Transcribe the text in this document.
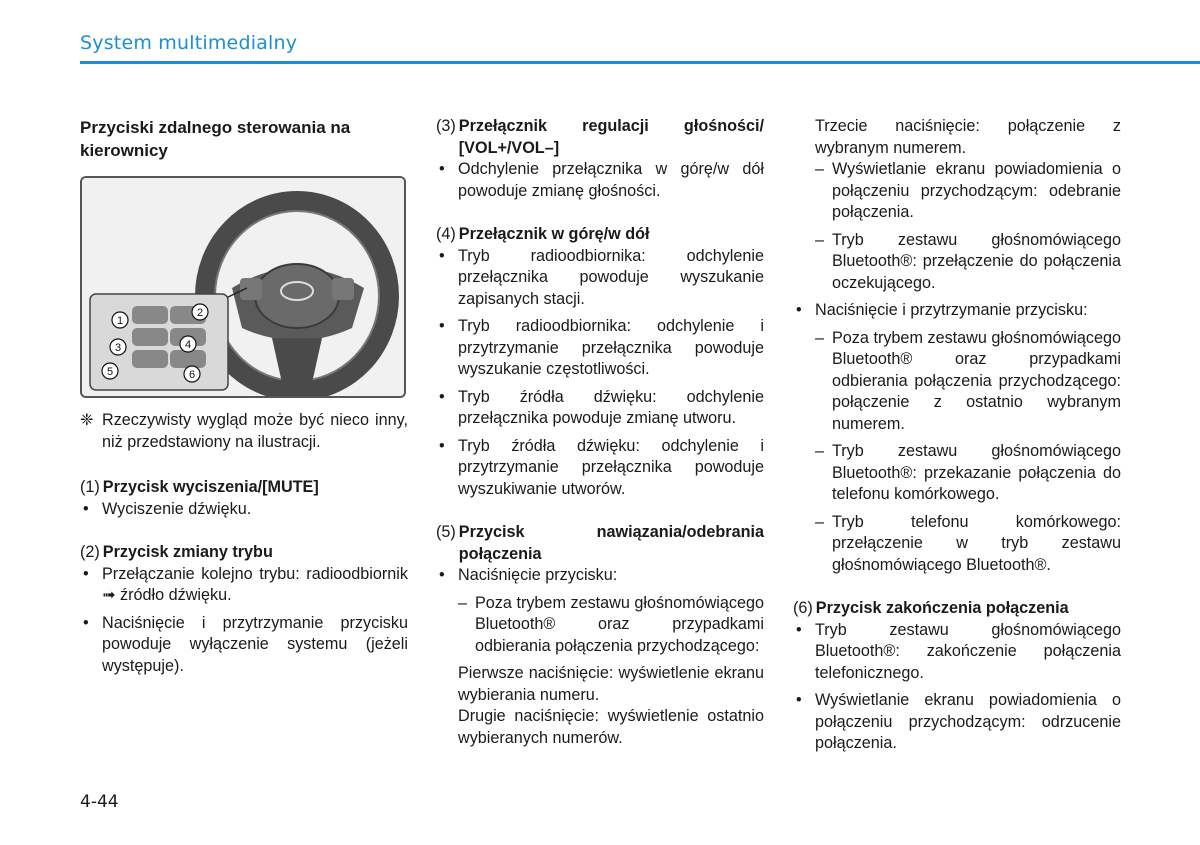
System multimedialny

Przyciski zdalnego sterowania na kierownicy

1
2
3	4
5	6

❈ Rzeczywisty wygląd może być nieco inny, niż przedstawiony na ilustracji.

(1) Przycisk wyciszenia/[MUTE]

• Wyciszenie dźwięku.

(2) Przycisk zmiany trybu

• Przełączanie kolejno trybu: radioodbiornik ➟ źródło dźwięku.
• Naciśnięcie i przytrzymanie przycisku powoduje wyłączenie systemu (jeżeli występuje).

(3) Przełącznik regulacji głośności/ [VOL+/VOL–]

• Odchylenie przełącznika w górę/w dół powoduje zmianę głośności.

(4) Przełącznik w górę/w dół

• Tryb radioodbiornika: odchylenie przełącznika powoduje wyszukanie zapisanych stacji.
• Tryb radioodbiornika: odchylenie i przytrzymanie przełącznika powoduje wyszukanie częstotliwości.
• Tryb źródła dźwięku: odchylenie przełącznika powoduje zmianę utworu.
• Tryb źródła dźwięku: odchylenie i przytrzymanie przełącznika powoduje wyszukiwanie utworów.

(5) Przycisk nawiązania/odebrania połączenia

• Naciśnięcie przycisku:
– Poza trybem zestawu głośnomówiącego Bluetooth® oraz przypadkami odbierania połączenia przychodzącego:

Pierwsze naciśnięcie: wyświetlenie ekranu wybierania numeru.

Drugie naciśnięcie: wyświetlenie ostatnio wybieranych numerów.

Trzecie naciśnięcie: połączenie z wybranym numerem.

– Wyświetlanie ekranu powiadomienia o połączeniu przychodzącym: odebranie połączenia.
– Tryb zestawu głośnomówiącego Bluetooth®: przełączenie do połączenia oczekującego.
• Naciśnięcie i przytrzymanie przycisku:
– Poza trybem zestawu głośnomówiącego Bluetooth® oraz przypadkami odbierania połączenia przychodzącego: połączenie z ostatnio wybranym numerem.
– Tryb zestawu głośnomówiącego Bluetooth®: przekazanie połączenia do telefonu komórkowego.
– Tryb telefonu komórkowego: przełączenie w tryb zestawu głośnomówiącego Bluetooth®.

(6) Przycisk zakończenia połączenia

• Tryb zestawu głośnomówiącego Bluetooth®: zakończenie połączenia telefonicznego.
• Wyświetlanie ekranu powiadomienia o połączeniu przychodzącym: odrzucenie połączenia.
4-44
